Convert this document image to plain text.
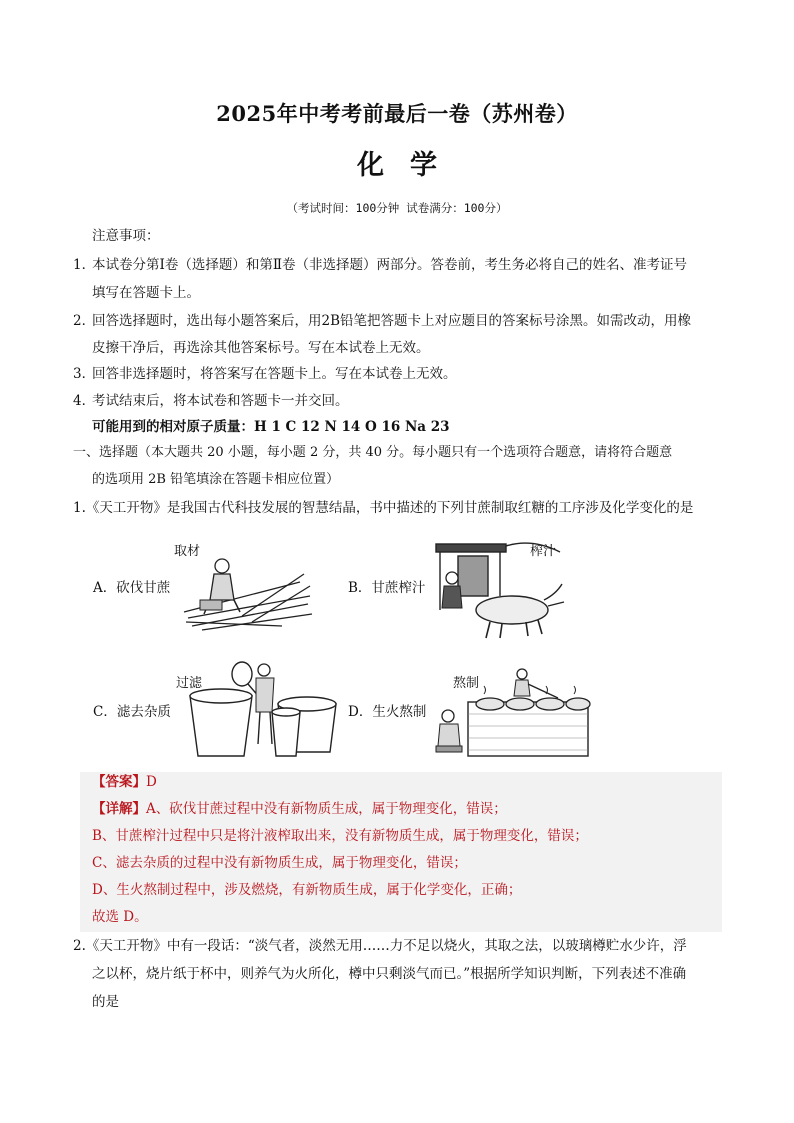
2025年中考考前最后一卷（苏州卷）
化学
（考试时间：100分钟 试卷满分：100分）
注意事项：
1．
本试卷分第Ⅰ卷（选择题）和第Ⅱ卷（非选择题）两部分。答卷前，考生务必将自己的姓名、准考证号
填写在答题卡上。
2．
回答选择题时，选出每小题答案后，用2B铅笔把答题卡上对应题目的答案标号涂黑。如需改动，用橡
皮擦干净后，再选涂其他答案标号。写在本试卷上无效。
3．
回答非选择题时，将答案写在答题卡上。写在本试卷上无效。
4．
考试结束后，将本试卷和答题卡一并交回。
可能用到的相对原子质量：H 1 C 12 N 14 O 16 Na 23
一、选择题（本大题共 20 小题，每小题 2 分，共 40 分。每小题只有一个选项符合题意，请将符合题意
的选项用 2B 铅笔填涂在答题卡相应位置）
1.《天工开物》是我国古代科技发展的智慧结晶，书中描述的下列甘蔗制取红糖的工序涉及化学变化的是
A．砍伐甘蔗
取材
B．甘蔗榨汁
榨汁
C．滤去杂质
过滤
D．生火熬制
熬制
【答案】D
【详解】A、砍伐甘蔗过程中没有新物质生成，属于物理变化，错误；
B、甘蔗榨汁过程中只是将汁液榨取出来，没有新物质生成，属于物理变化，错误；
C、滤去杂质的过程中没有新物质生成，属于物理变化，错误；
D、生火熬制过程中，涉及燃烧，有新物质生成，属于化学变化，正确；
故选 D。
2.《天工开物》中有一段话：“淡气者，淡然无用……力不足以烧火，其取之法，以玻璃樽贮水少许，浮
之以杯，烧片纸于杯中，则养气为火所化，樽中只剩淡气而已。”根据所学知识判断，下列表述不准确
的是
